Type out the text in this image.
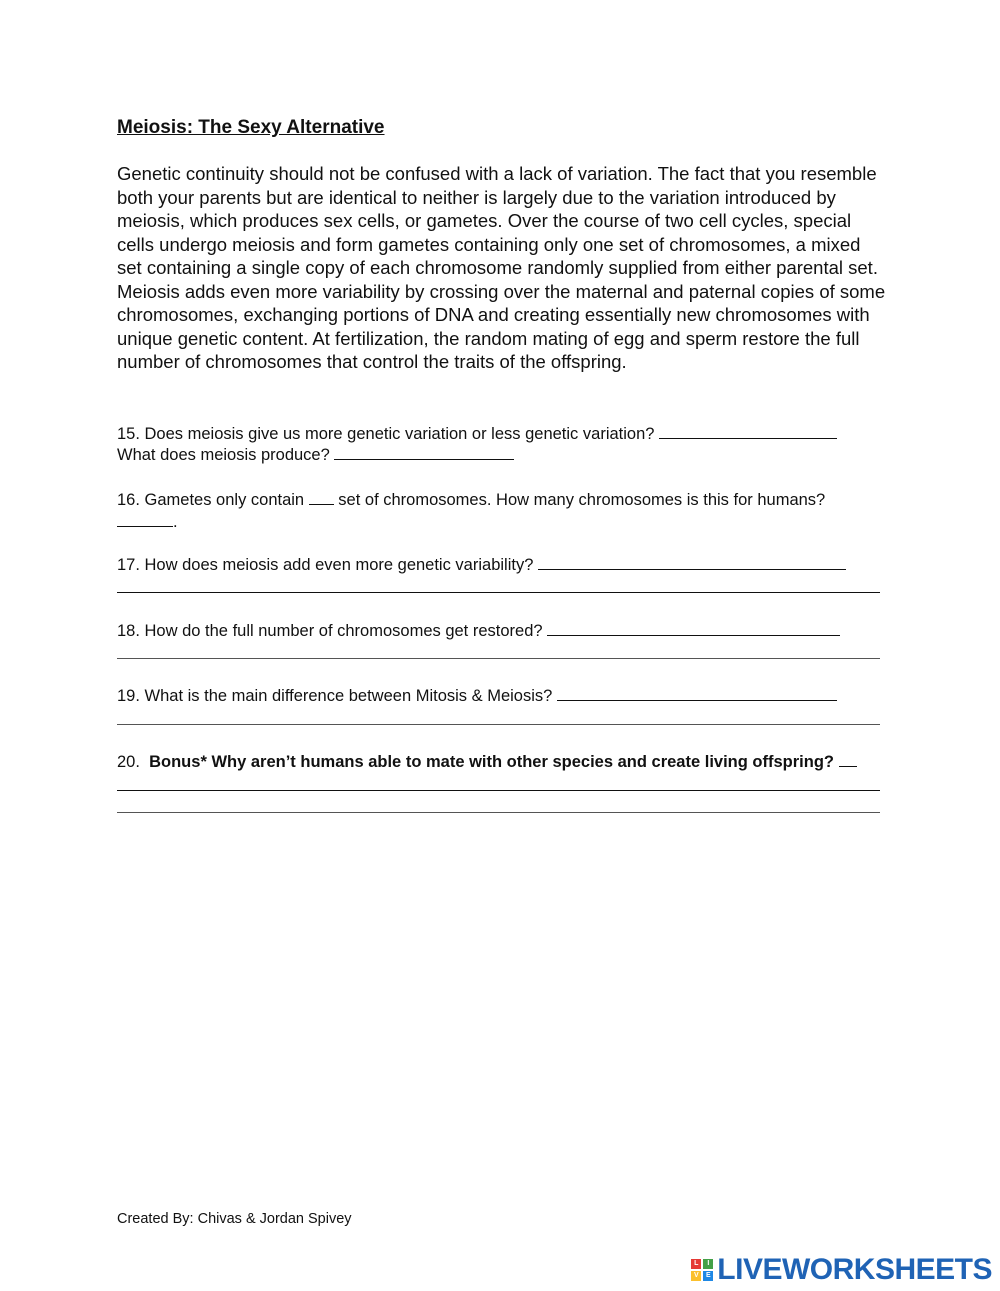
Meiosis: The Sexy Alternative
Genetic continuity should not be confused with a lack of variation. The fact that you resemble both your parents but are identical to neither is largely due to the variation introduced by meiosis, which produces sex cells, or gametes. Over the course of two cell cycles, special cells undergo meiosis and form gametes containing only one set of chromosomes, a mixed set containing a single copy of each chromosome randomly supplied from either parental set. Meiosis adds even more variability by crossing over the maternal and paternal copies of some chromosomes, exchanging portions of DNA and creating essentially new chromosomes with unique genetic content. At fertilization, the random mating of egg and sperm restore the full number of chromosomes that control the traits of the offspring.
15. Does meiosis give us more genetic variation or less genetic variation?
What does meiosis produce?
16. Gametes only contain set of chromosomes. How many chromosomes is this for humans?
.
17. How does meiosis add even more genetic variability?
18. How do the full number of chromosomes get restored?
19. What is the main difference between Mitosis & Meiosis?
20. Bonus* Why aren’t humans able to mate with other species and create living offspring?
Created By: Chivas & Jordan Spivey
L	I
V	E LIVEWORKSHEETS
